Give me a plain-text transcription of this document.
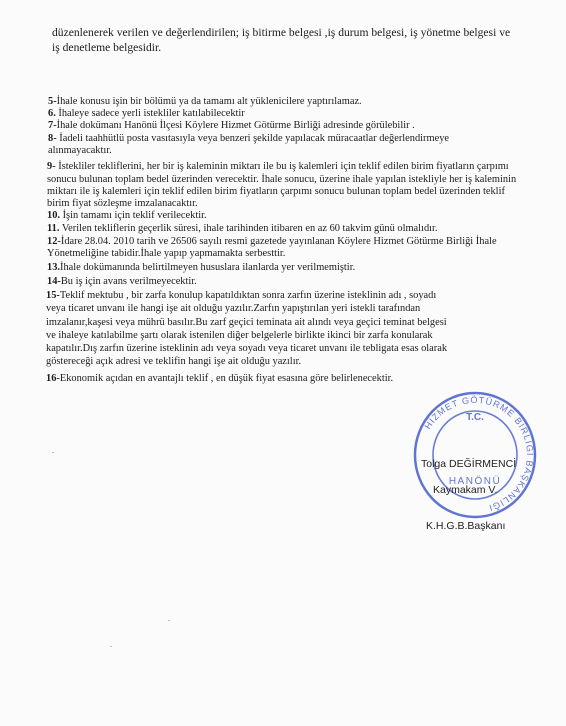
düzenlenerek verilen ve değerlendirilen; iş bitirme belgesi ,iş durum belgesi, iş yönetme belgesi ve
iş denetleme belgesidir.
5-İhale konusu işin bir bölümü ya da tamamı alt yüklenicilere yaptırılamaz.
6. İhaleye sadece yerli istekliler katılabilecektir
7-İhale dokümanı Hanönü İlçesi Köylere Hizmet Götürme Birliği adresinde görülebilir .
8- İadeli taahhütlü posta vasıtasıyla veya benzeri şekilde yapılacak müracaatlar değerlendirmeye
alınmayacaktır.
9- İstekliler tekliflerini, her bir iş kaleminin miktarı ile bu iş kalemleri için teklif edilen birim fiyatların çarpımı
sonucu bulunan toplam bedel üzerinden verecektir. İhale sonucu, üzerine ihale yapılan istekliyle her iş kaleminin
miktarı ile iş kalemleri için teklif edilen birim fiyatların çarpımı sonucu bulunan toplam bedel üzerinden teklif
birim fiyat sözleşme imzalanacaktır.
10. İşin tamamı için teklif verilecektir.
11. Verilen tekliflerin geçerlik süresi, ihale tarihinden itibaren en az 60 takvim günü olmalıdır.
12-İdare 28.04. 2010 tarih ve 26506 sayılı resmi gazetede yayınlanan Köylere Hizmet Götürme Birliği İhale
Yönetmeliğine tabidir.İhale yapıp yapmamakta serbesttir.
13.İhale dokümanında belirtilmeyen hususlara ilanlarda yer verilmemiştir.
14-Bu iş için avans verilmeyecektir.
15-Teklif mektubu , bir zarfa konulup kapatıldıktan sonra zarfın üzerine isteklinin adı , soyadı
veya ticaret unvanı ile hangi işe ait olduğu yazılır.Zarfın yapıştırılan yeri istekli tarafından
imzalanır,kaşesi veya mührü basılır.Bu zarf geçici teminata ait alındı veya geçici teminat belgesi
ve ihaleye katılabilme şartı olarak istenilen diğer belgelerle birlikte ikinci bir zarfa konularak
kapatılır.Dış zarfın üzerine isteklinin adı veya soyadı veya ticaret unvanı ile tebligata esas olarak
göstereceği açık adresi ve teklifin hangi işe ait olduğu yazılır.
16-Ekonomik açıdan en avantajlı teklif , en düşük fiyat esasına göre belirlenecektir.
HİZMET GÖTÜRME BİRLİĞİ BAŞKANLIĞI
T.C.
HANÖNÜ
Tolga DEĞİRMENCİ
Kaymakam V.
K.H.G.B.Başkanı
